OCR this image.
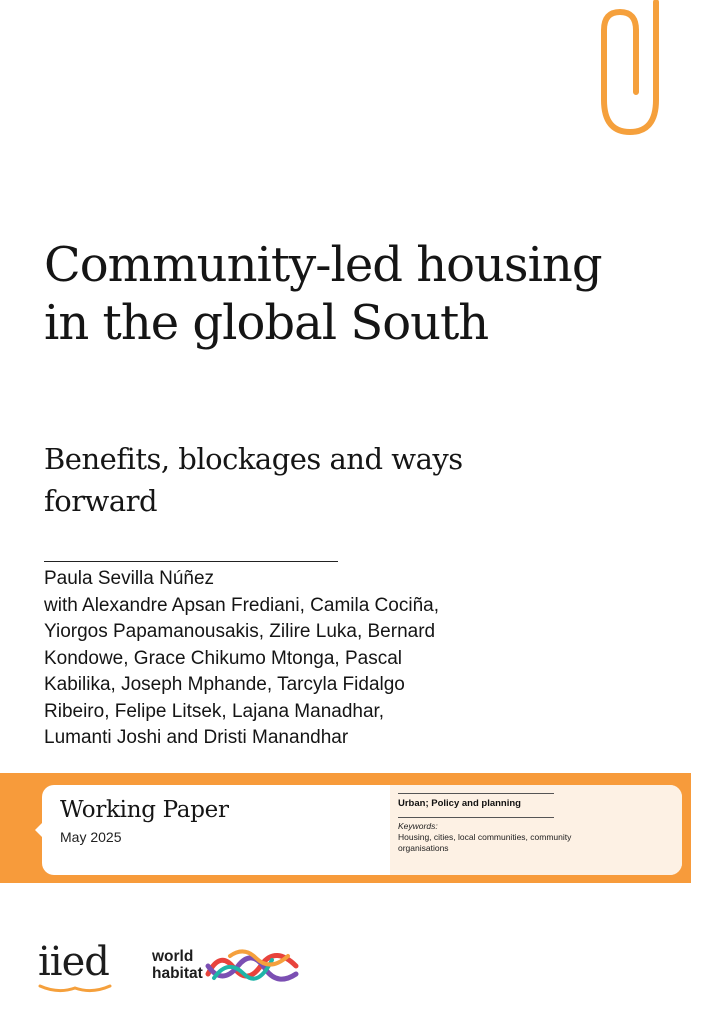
Community-led housing in the global South
Benefits, blockages and ways forward
Paula Sevilla Núñez
with Alexandre Apsan Frediani, Camila Cociña,
Yiorgos Papamanousakis, Zilire Luka, Bernard
Kondowe, Grace Chikumo Mtonga, Pascal
Kabilika, Joseph Mphande, Tarcyla Fidalgo
Ribeiro, Felipe Litsek, Lajana Manadhar,
Lumanti Joshi and Dristi Manandhar
Working Paper
May 2025
Urban; Policy and planning
Keywords:
Housing, cities, local communities, community organisations
iied	world
habitat
